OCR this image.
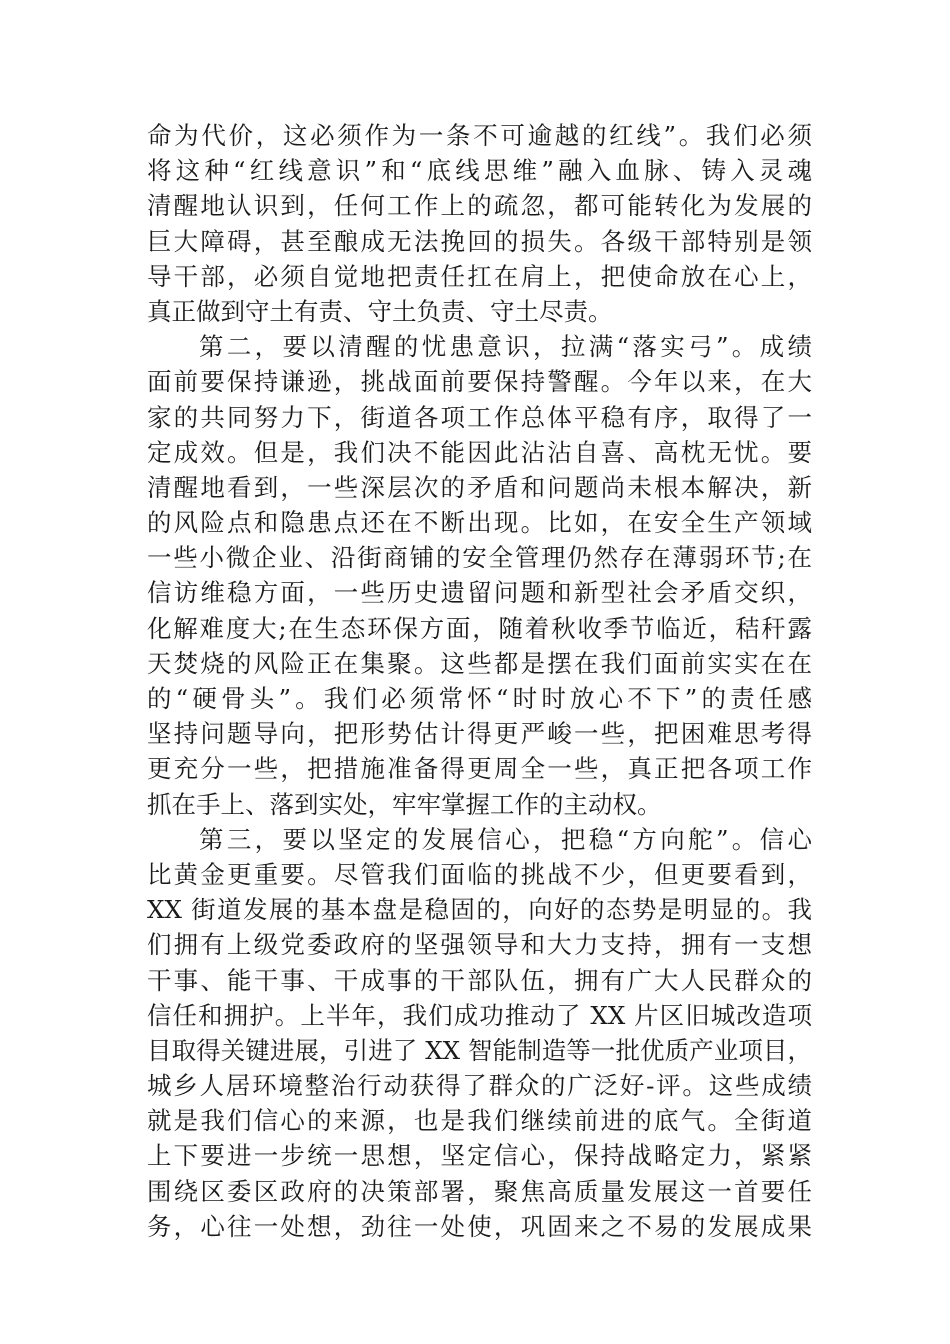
命为代价，这必须作为一条不可逾越的红线”。我们必须
将这种“红线意识”和“底线思维”融入血脉、铸入灵魂
清醒地认识到，任何工作上的疏忽，都可能转化为发展的
巨大障碍，甚至酿成无法挽回的损失。各级干部特别是领
导干部，必须自觉地把责任扛在肩上，把使命放在心上，
真正做到守土有责、守土负责、守土尽责。
第二，要以清醒的忧患意识，拉满“落实弓”。成绩
面前要保持谦逊，挑战面前要保持警醒。今年以来，在大
家的共同努力下，街道各项工作总体平稳有序，取得了一
定成效。但是，我们决不能因此沾沾自喜、高枕无忧。要
清醒地看到，一些深层次的矛盾和问题尚未根本解决，新
的风险点和隐患点还在不断出现。比如，在安全生产领域
一些小微企业、沿街商铺的安全管理仍然存在薄弱环节;在
信访维稳方面，一些历史遗留问题和新型社会矛盾交织，
化解难度大;在生态环保方面，随着秋收季节临近，秸秆露
天焚烧的风险正在集聚。这些都是摆在我们面前实实在在
的“硬骨头”。我们必须常怀“时时放心不下”的责任感
坚持问题导向，把形势估计得更严峻一些，把困难思考得
更充分一些，把措施准备得更周全一些，真正把各项工作
抓在手上、落到实处，牢牢掌握工作的主动权。
第三，要以坚定的发展信心，把稳“方向舵”。信心
比黄金更重要。尽管我们面临的挑战不少，但更要看到，
XX 街道发展的基本盘是稳固的，向好的态势是明显的。我
们拥有上级党委政府的坚强领导和大力支持，拥有一支想
干事、能干事、干成事的干部队伍，拥有广大人民群众的
信任和拥护。上半年，我们成功推动了 XX 片区旧城改造项
目取得关键进展，引进了 XX 智能制造等一批优质产业项目，
城乡人居环境整治行动获得了群众的广泛好-评。这些成绩
就是我们信心的来源，也是我们继续前进的底气。全街道
上下要进一步统一思想，坚定信心，保持战略定力，紧紧
围绕区委区政府的决策部署，聚焦高质量发展这一首要任
务，心往一处想，劲往一处使，巩固来之不易的发展成果
